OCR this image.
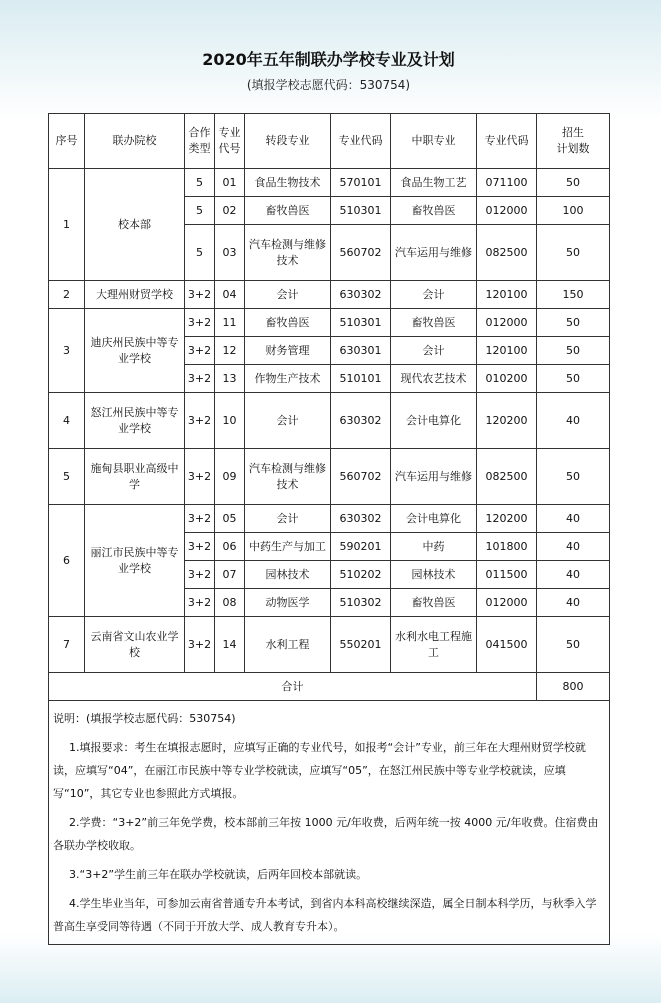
2020年五年制联办学校专业及计划
(填报学校志愿代码：530754)
序号	联办院校	合作类型	专业代号	转段专业	专业代码	中职专业	专业代码	招生
计划数
1	校本部	5	01	食品生物技术	570101	食品生物工艺	071100	50
		5	02	畜牧兽医	510301	畜牧兽医	012000	100
		5	03	汽车检测与维修技术	560702	汽车运用与维修	082500	50
2	大理州财贸学校	3+2	04	会计	630302	会计	120100	150
3	迪庆州民族中等专业学校	3+2	11	畜牧兽医	510301	畜牧兽医	012000	50
		3+2	12	财务管理	630301	会计	120100	50
		3+2	13	作物生产技术	510101	现代农艺技术	010200	50
4	怒江州民族中等专业学校	3+2	10	会计	630302	会计电算化	120200	40
5	施甸县职业高级中学	3+2	09	汽车检测与维修技术	560702	汽车运用与维修	082500	50
6	丽江市民族中等专业学校	3+2	05	会计	630302	会计电算化	120200	40
		3+2	06	中药生产与加工	590201	中药	101800	40
		3+2	07	园林技术	510202	园林技术	011500	40
		3+2	08	动物医学	510302	畜牧兽医	012000	40
7	云南省文山农业学校	3+2	14	水利工程	550201	水利水电工程施工	041500	50
合计								800

说明：(填报学校志愿代码：530754)

1.填报要求：考生在填报志愿时，应填写正确的专业代号，如报考“会计”专业，前三年在大理州财贸学校就读，应填写“04”，在丽江市民族中等专业学校就读，应填写“05”，在怒江州民族中等专业学校就读，应填写“10”，其它专业也参照此方式填报。

2.学费：“3+2”前三年免学费，校本部前三年按 1000 元/年收费，后两年统一按 4000 元/年收费。住宿费由各联办学校收取。

3.“3+2”学生前三年在联办学校就读，后两年回校本部就读。

4.学生毕业当年，可参加云南省普通专升本考试，到省内本科高校继续深造，属全日制本科学历，与秋季入学普高生享受同等待遇（不同于开放大学、成人教育专升本）。								
